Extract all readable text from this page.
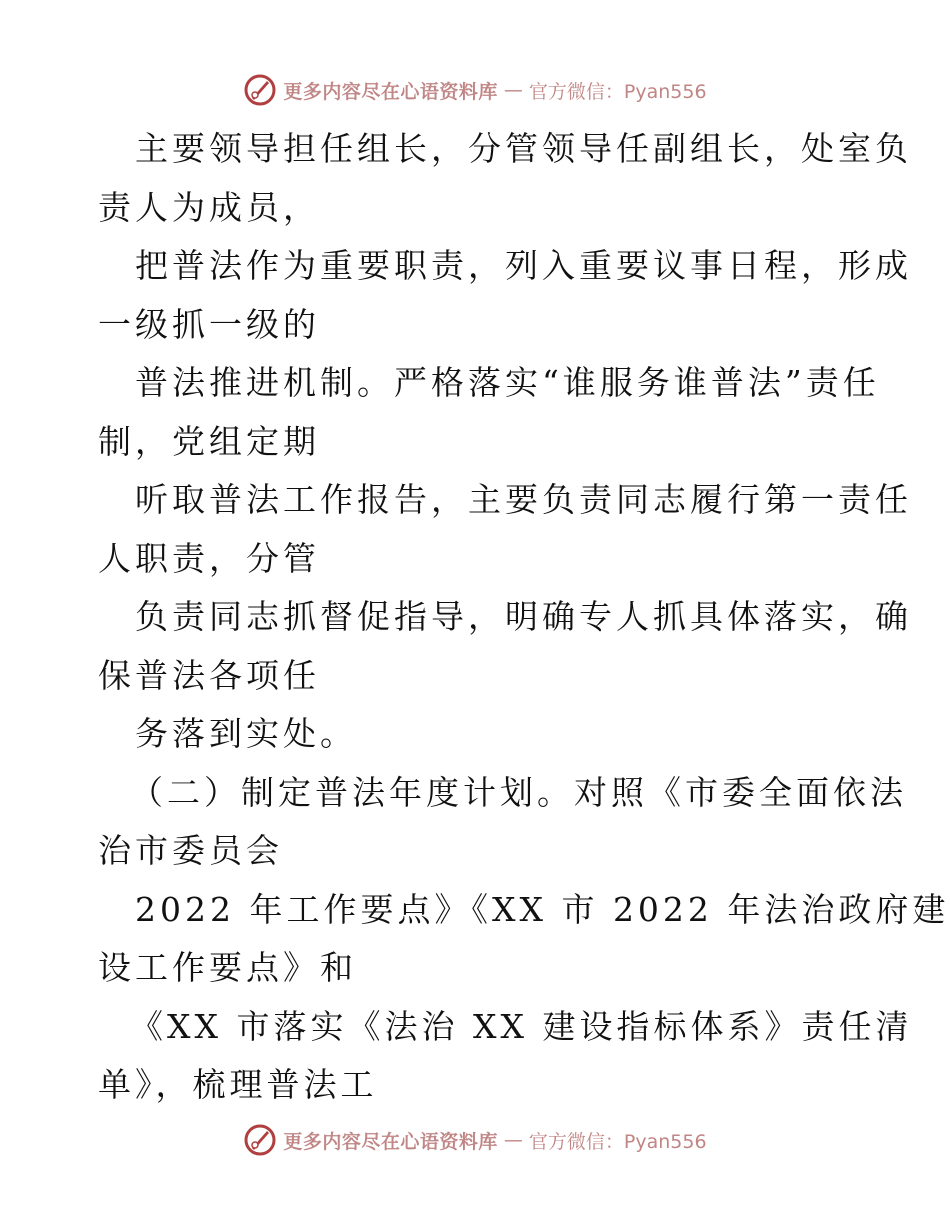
更多内容尽在心语资料库 — 官方微信：Pyan556
主要领导担任组长，分管领导任副组长，处室负
责人为成员，
把普法作为重要职责，列入重要议事日程，形成
一级抓一级的
普法推进机制。严格落实“谁服务谁普法”责任
制，党组定期
听取普法工作报告，主要负责同志履行第一责任
人职责，分管
负责同志抓督促指导，明确专人抓具体落实，确
保普法各项任
务落到实处。
（二）制定普法年度计划。对照《市委全面依法
治市委员会
2022 年工作要点》《XX 市 2022 年法治政府建
设工作要点》和
《XX 市落实《法治 XX 建设指标体系》责任清
单》，梳理普法工
更多内容尽在心语资料库 — 官方微信：Pyan556
